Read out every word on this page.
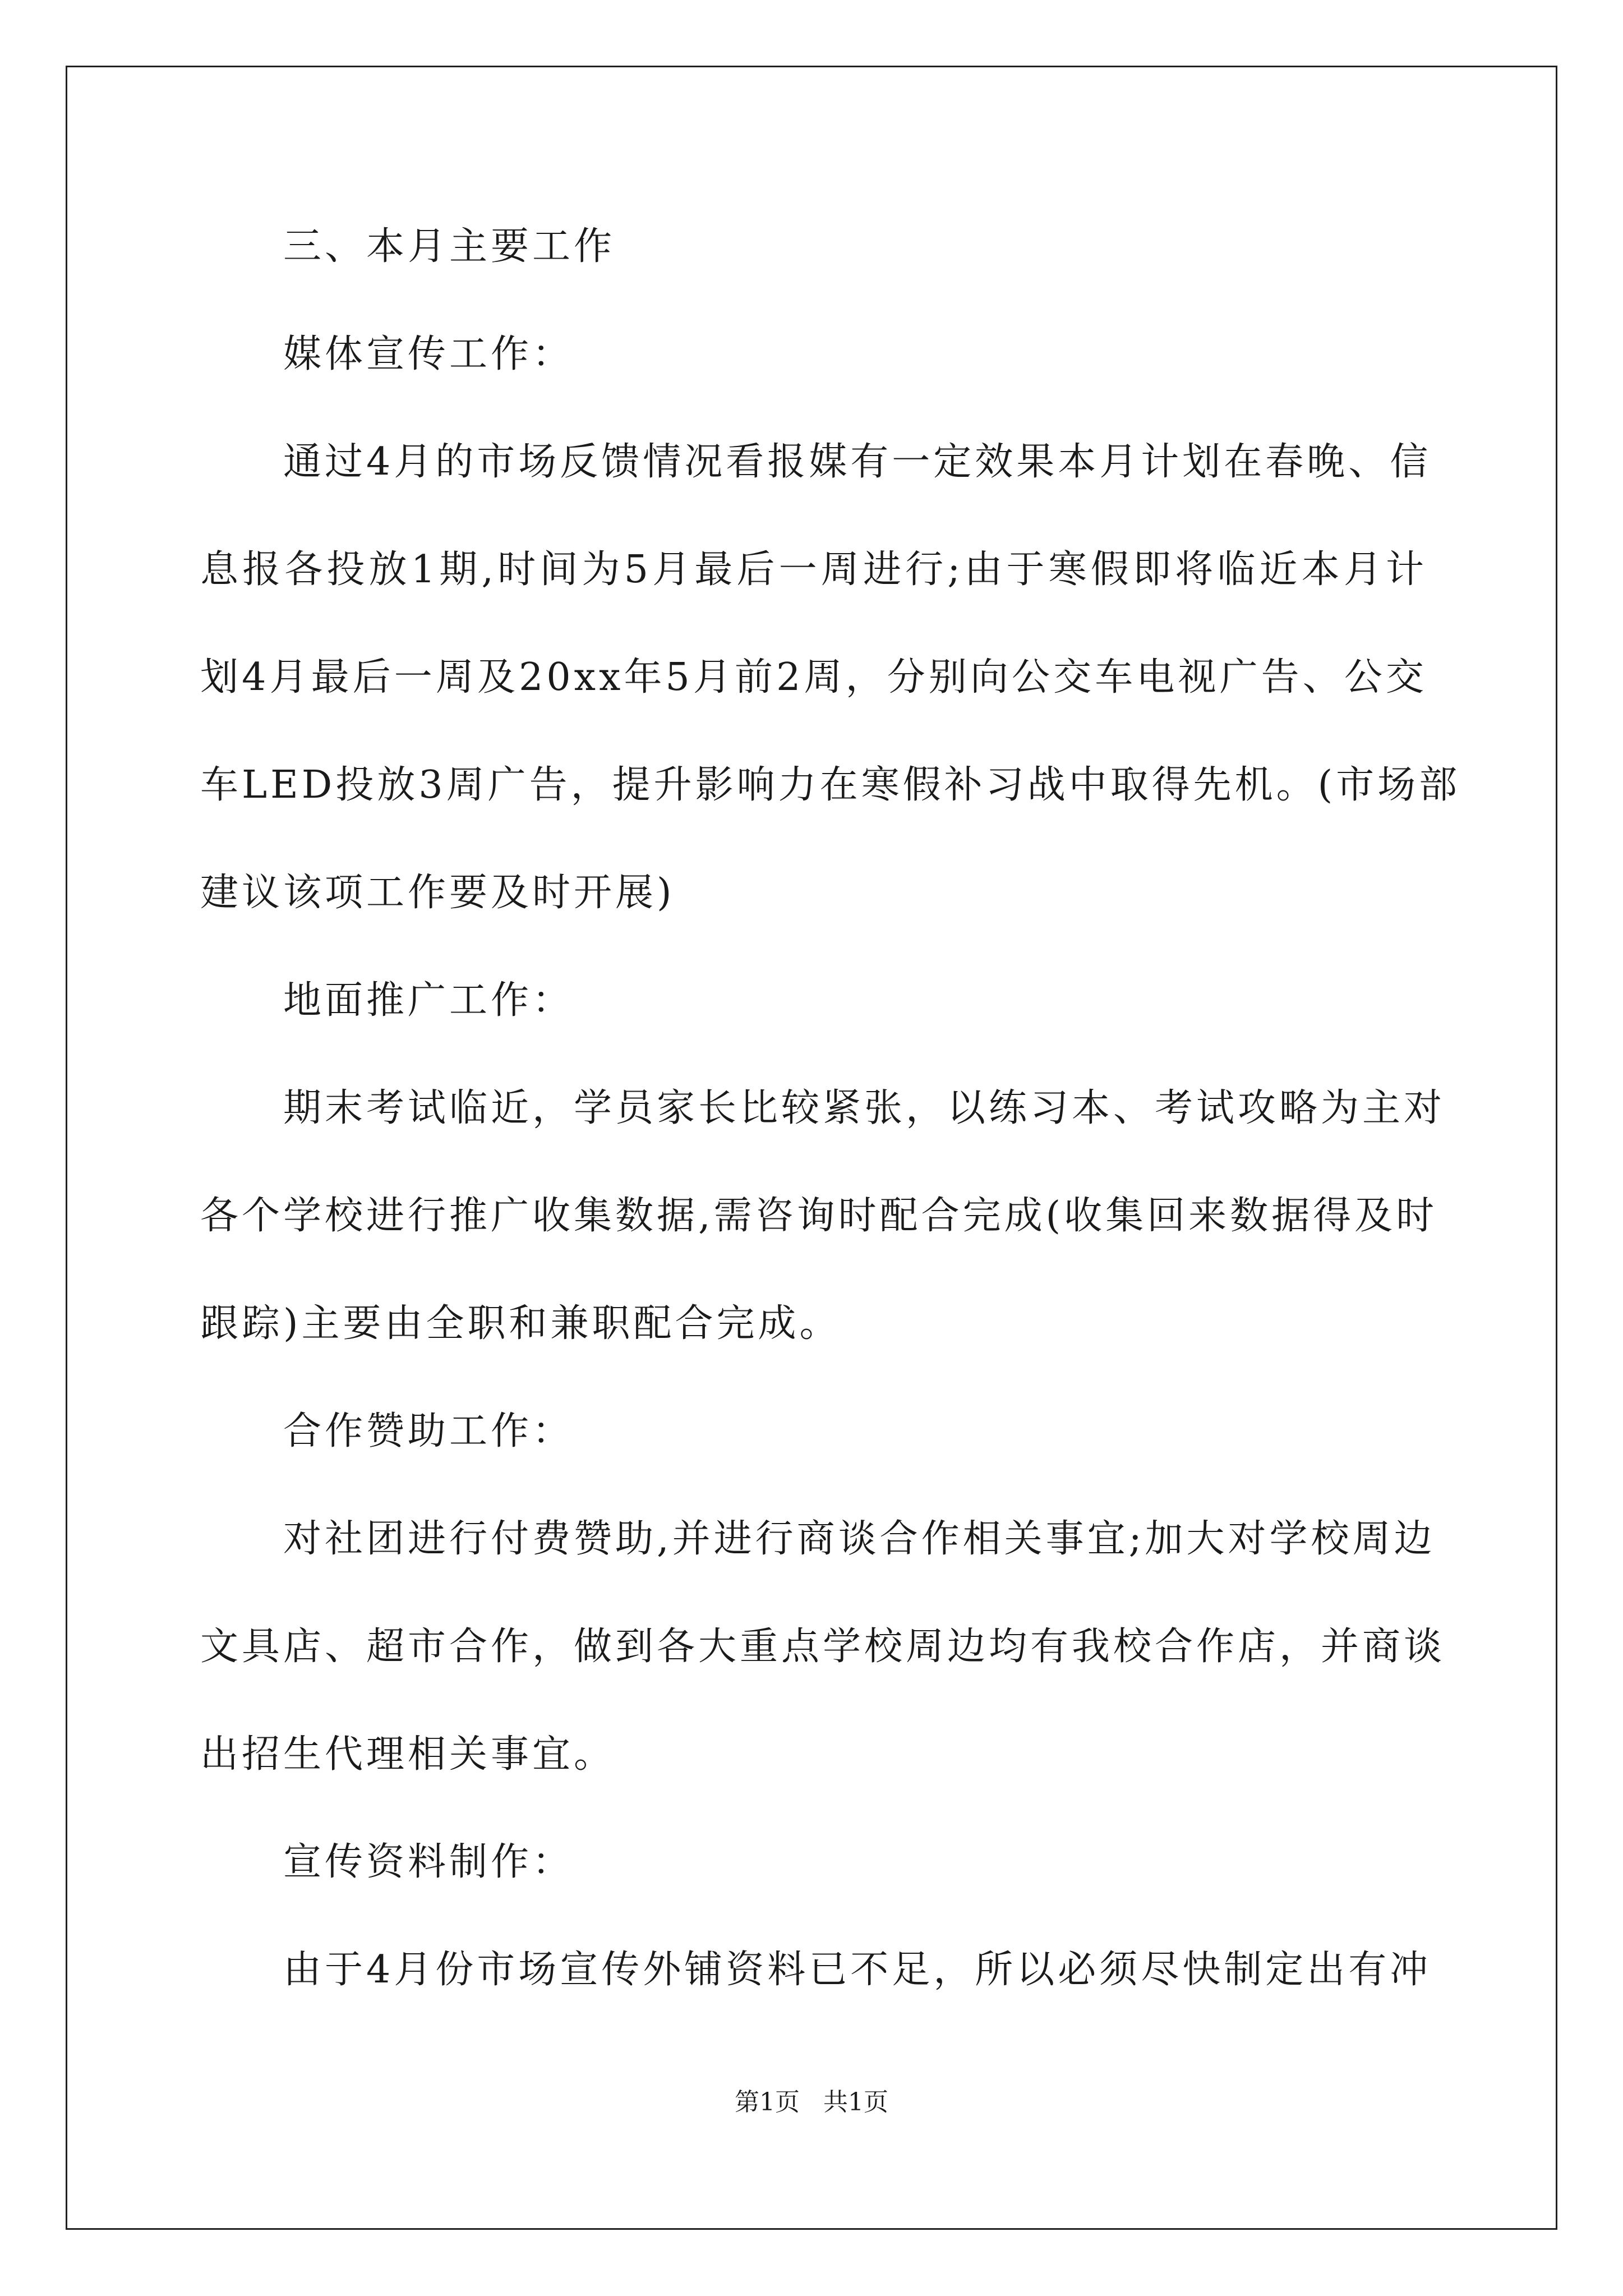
三、本月主要工作
媒体宣传工作：
通过4月的市场反馈情况看报媒有一定效果本月计划在春晚、信
息报各投放1期,时间为5月最后一周进行;由于寒假即将临近本月计
划4月最后一周及20xx年5月前2周，分别向公交车电视广告、公交
车LED投放3周广告，提升影响力在寒假补习战中取得先机。(市场部
建议该项工作要及时开展)
地面推广工作：
期末考试临近，学员家长比较紧张，以练习本、考试攻略为主对
各个学校进行推广收集数据,需咨询时配合完成(收集回来数据得及时
跟踪)主要由全职和兼职配合完成。
合作赞助工作：
对社团进行付费赞助,并进行商谈合作相关事宜;加大对学校周边
文具店、超市合作，做到各大重点学校周边均有我校合作店，并商谈
出招生代理相关事宜。
宣传资料制作：
由于4月份市场宣传外铺资料已不足，所以必须尽快制定出有冲
第1页 共1页
